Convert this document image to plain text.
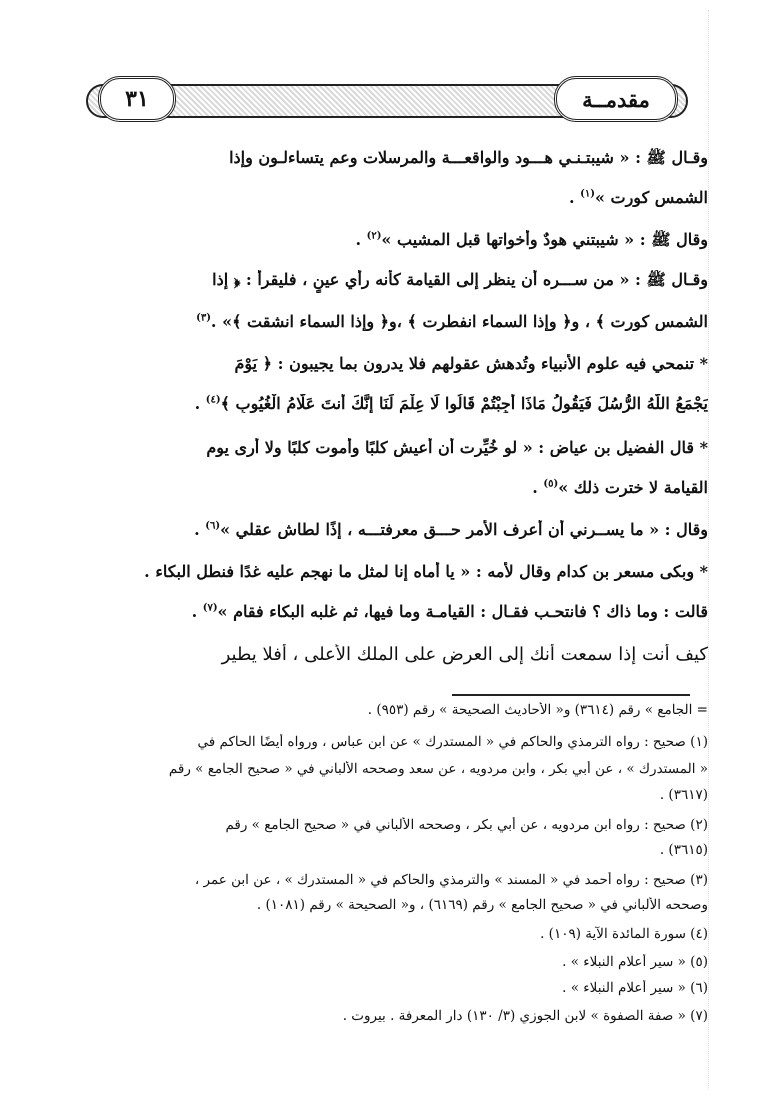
٣١	مقدمــة
وقـال ﷺ : « شيبتـنـي هـــود والواقعـــة والمرسلات وعم يتساءلـون وإذا
الشمس كورت »$^{(١)}$ .
وقال ﷺ : « شيبتني هودٌ وأخواتها قبل المشيب »$^{(٢)}$ .
وقـال ﷺ : « من ســـره أن ينظر إلى القيامة كأنه رأي عينٍ ، فليقرأ : ﴿ إذا
الشمس كورت ﴾ ، و﴿ وإذا السماء انفطرت ﴾ ،و﴿ وإذا السماء انشقت ﴾» .$^{(٣)}$
* تنمحي فيه علوم الأنبياء وتُدهش عقولهم فلا يدرون بما يجيبون : ﴿ يَوْمَ
يَجْمَعُ اللَّهُ الرُّسُلَ فَيَقُولُ مَاذَا أُجِبْتُمْ قَالُوا لَا عِلْمَ لَنَا إِنَّكَ أَنتَ عَلَّامُ الْغُيُوبِ ﴾$^{(٤)}$ .
* قال الفضيل بن عياض : « لو خُيِّرت أن أعيش كلبًا وأموت كلبًا ولا أرى يوم
القيامة لا خترت ذلك »$^{(٥)}$ .
وقال : « ما يســرني أن أعرف الأمر حـــق معرفتـــه ، إذًا لطاش عقلي »$^{(٦)}$ .
* وبكى مسعر بن كدام وقال لأمه : « يا أماه إنا لمثل ما نهجم عليه غدًا فنطل البكاء .
قالت : وما ذاك ؟ فانتحـب فقـال : القيامـة وما فيها، ثم غلبه البكاء فقام »$^{(٧)}$ .
كيف أنت إذا سمعت أنك إلى العرض على الملك الأعلى ، أفلا يطير
= الجامع » رقم (٣٦١٤) و« الأحاديث الصحيحة » رقم (٩٥٣) .
(١) صحيح : رواه الترمذي والحاكم في « المستدرك » عن ابن عباس ، ورواه أيضًا الحاكم في
« المستدرك » ، عن أبي بكر ، وابن مردويه ، عن سعد وصححه الألباني في « صحيح الجامع » رقم
(٣٦١٧) .
(٢) صحيح : رواه ابن مردويه ، عن أبي بكر ، وصححه الألباني في « صحيح الجامع » رقم
(٣٦١٥) .
(٣) صحيح : رواه أحمد في « المسند » والترمذي والحاكم في « المستدرك » ، عن ابن عمر ،
وصححه الألباني في « صحيح الجامع » رقم (٦١٦٩) ، و« الصحيحة » رقم (١٠٨١) .
(٤) سورة المائدة الآية (١٠٩) .
(٥) « سير أعلام النبلاء » .
(٦) « سير أعلام النبلاء » .
(٧) « صفة الصفوة » لابن الجوزي (٣/ ١٣٠) دار المعرفة . بيروت .
